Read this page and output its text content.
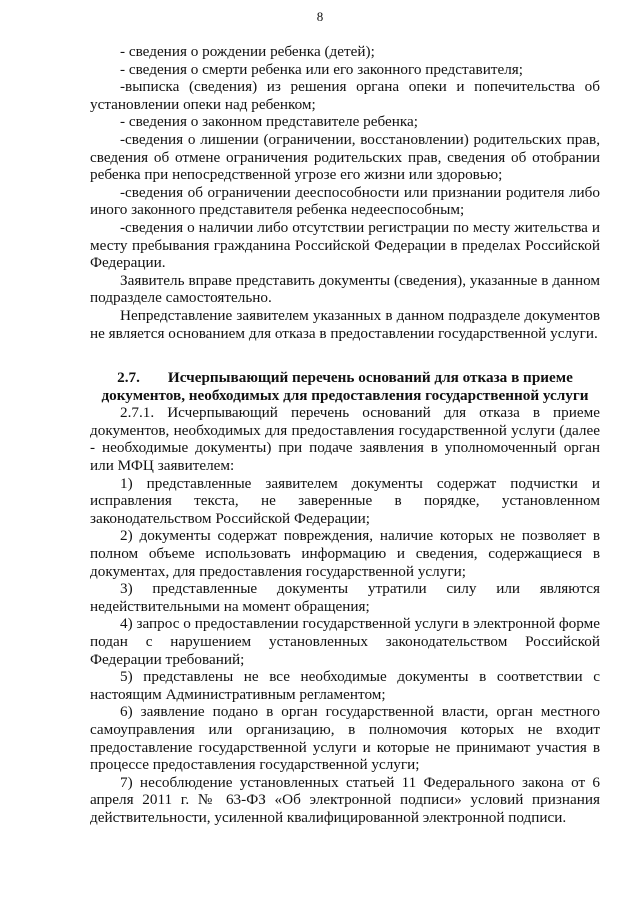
8

- сведения о рождении ребенка (детей);

- сведения о смерти ребенка или его законного представителя;

-выписка (сведения) из решения органа опеки и попечительства об установлении опеки над ребенком;

- сведения о законном представителе ребенка;

-сведения о лишении (ограничении, восстановлении) родительских прав, сведения об отмене ограничения родительских прав, сведения об отобрании ребенка при непосредственной угрозе его жизни или здоровью;

-сведения об ограничении дееспособности или признании родителя либо иного законного представителя ребенка недееспособным;

-сведения о наличии либо отсутствии регистрации по месту жительства и месту пребывания гражданина Российской Федерации в пределах Российской Федерации.

Заявитель вправе представить документы (сведения), указанные в данном подразделе самостоятельно.

Непредставление заявителем указанных в данном подразделе документов не является основанием для отказа в предоставлении государственной услуги.

2.7. Исчерпывающий перечень оснований для отказа в приеме документов, необходимых для предоставления государственной услуги

2.7.1. Исчерпывающий перечень оснований для отказа в приеме документов, необходимых для предоставления государственной услуги (далее - необходимые документы) при подаче заявления в уполномоченный орган или МФЦ заявителем:

1) представленные заявителем документы содержат подчистки и исправления текста, не заверенные в порядке, установленном законодательством Российской Федерации;

2) документы содержат повреждения, наличие которых не позволяет в полном объеме использовать информацию и сведения, содержащиеся в документах, для предоставления государственной услуги;

3) представленные документы утратили силу или являются недействительными на момент обращения;

4) запрос о предоставлении государственной услуги в электронной форме подан с нарушением установленных законодательством Российской Федерации требований;

5) представлены не все необходимые документы в соответствии с настоящим Административным регламентом;

6) заявление подано в орган государственной власти, орган местного самоуправления или организацию, в полномочия которых не входит предоставление государственной услуги и которые не принимают участия в процессе предоставления государственной услуги;

7) несоблюдение установленных статьей 11 Федерального закона от 6 апреля 2011 г. № 63-ФЗ «Об электронной подписи» условий признания действительности, усиленной квалифицированной электронной подписи.
